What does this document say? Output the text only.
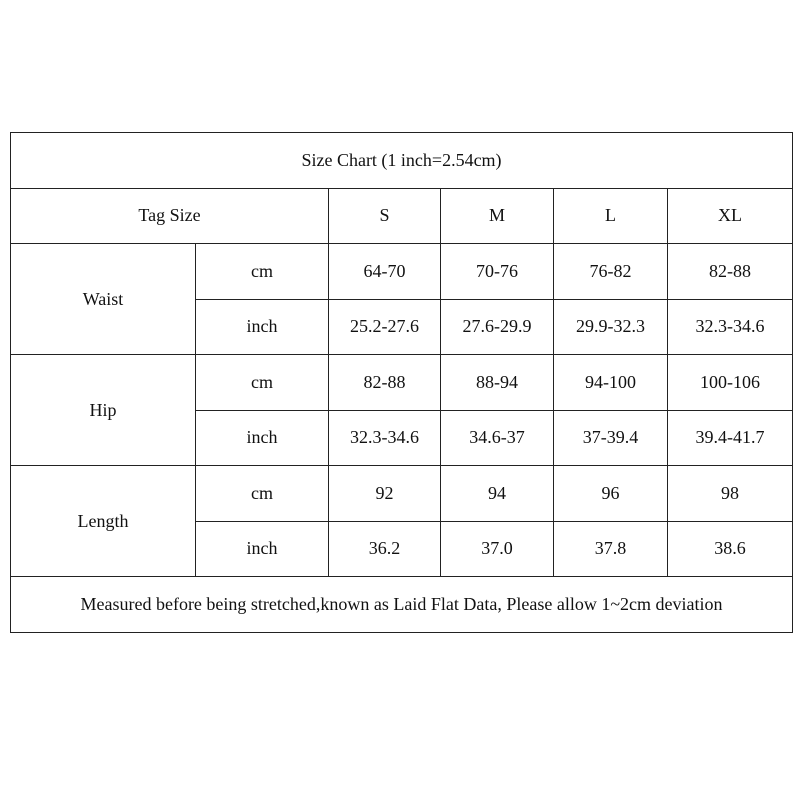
Size Chart (1 inch=2.54cm)					
Tag Size		S	M	L	XL
Waist	cm	64-70	70-76	76-82	82-88
	inch	25.2-27.6	27.6-29.9	29.9-32.3	32.3-34.6
Hip	cm	82-88	88-94	94-100	100-106
	inch	32.3-34.6	34.6-37	37-39.4	39.4-41.7
Length	cm	92	94	96	98
	inch	36.2	37.0	37.8	38.6
Measured before being stretched,known as Laid Flat Data, Please allow 1~2cm deviation					
